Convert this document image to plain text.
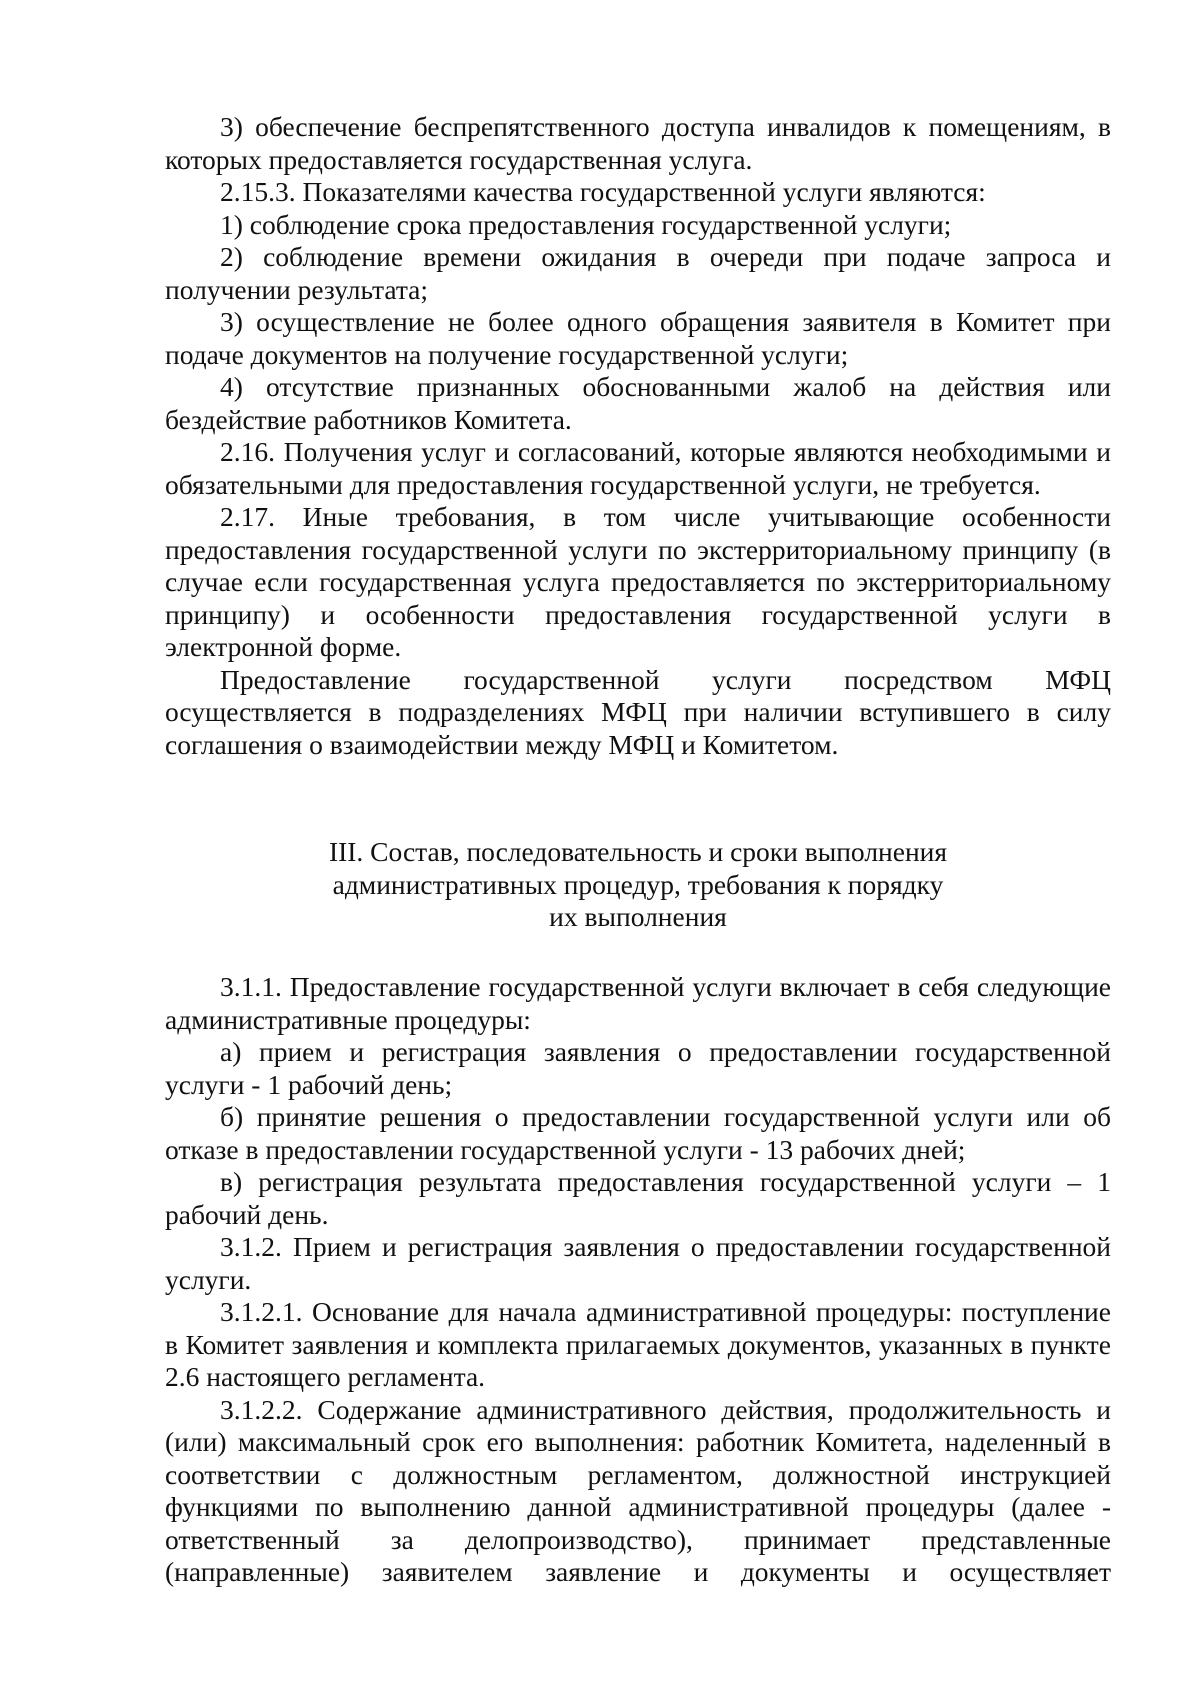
3) обеспечение беспрепятственного доступа инвалидов к помещениям, в которых предоставляется государственная услуга.

2.15.3. Показателями качества государственной услуги являются:

1) соблюдение срока предоставления государственной услуги;

2) соблюдение времени ожидания в очереди при подаче запроса и получении результата;

3) осуществление не более одного обращения заявителя в Комитет при подаче документов на получение государственной услуги;

4) отсутствие признанных обоснованными жалоб на действия или бездействие работников Комитета.

2.16. Получения услуг и согласований, которые являются необходимыми и обязательными для предоставления государственной услуги, не требуется.

2.17. Иные требования, в том числе учитывающие особенности предоставления государственной услуги по экстерриториальному принципу (в случае если государственная услуга предоставляется по экстерриториальному принципу) и особенности предоставления государственной услуги в электронной форме.

Предоставление государственной услуги посредством МФЦ осуществляется в подразделениях МФЦ при наличии вступившего в силу соглашения о взаимодействии между МФЦ и Комитетом.

III. Состав, последовательность и сроки выполнения
административных процедур, требования к порядку
их выполнения

3.1.1. Предоставление государственной услуги включает в себя следующие административные процедуры:

а) прием и регистрация заявления о предоставлении государственной услуги - 1 рабочий день;

б) принятие решения о предоставлении государственной услуги или об отказе в предоставлении государственной услуги - 13 рабочих дней;

в) регистрация результата предоставления государственной услуги – 1 рабочий день.

3.1.2. Прием и регистрация заявления о предоставлении государственной услуги.

3.1.2.1. Основание для начала административной процедуры: поступление в Комитет заявления и комплекта прилагаемых документов, указанных в пункте 2.6 настоящего регламента.

3.1.2.2. Содержание административного действия, продолжительность и (или) максимальный срок его выполнения: работник Комитета, наделенный в соответствии с должностным регламентом, должностной инструкцией функциями по выполнению данной административной процедуры (далее - ответственный за делопроизводство), принимает представленные (направленные) заявителем заявление и документы и осуществляет
